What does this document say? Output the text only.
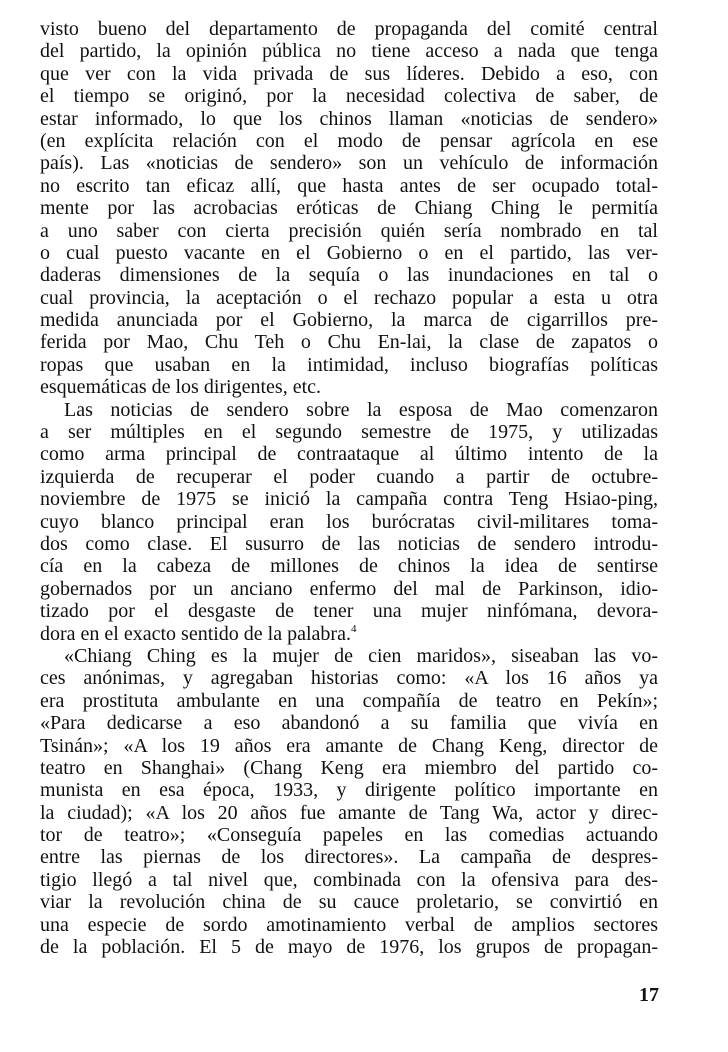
visto bueno del departamento de propaganda del comité central
del partido, la opinión pública no tiene acceso a nada que tenga
que ver con la vida privada de sus líderes. Debido a eso, con
el tiempo se originó, por la necesidad colectiva de saber, de
estar informado, lo que los chinos llaman «noticias de sendero»
(en explícita relación con el modo de pensar agrícola en ese
país). Las «noticias de sendero» son un vehículo de información
no escrito tan eficaz allí, que hasta antes de ser ocupado total-
mente por las acrobacias eróticas de Chiang Ching le permitía
a uno saber con cierta precisión quién sería nombrado en tal
o cual puesto vacante en el Gobierno o en el partido, las ver-
daderas dimensiones de la sequía o las inundaciones en tal o
cual provincia, la aceptación o el rechazo popular a esta u otra
medida anunciada por el Gobierno, la marca de cigarrillos pre-
ferida por Mao, Chu Teh o Chu En-lai, la clase de zapatos o
ropas que usaban en la intimidad, incluso biografías políticas
esquemáticas de los dirigentes, etc.
Las noticias de sendero sobre la esposa de Mao comenzaron
a ser múltiples en el segundo semestre de 1975, y utilizadas
como arma principal de contraataque al último intento de la
izquierda de recuperar el poder cuando a partir de octubre-
noviembre de 1975 se inició la campaña contra Teng Hsiao-ping,
cuyo blanco principal eran los burócratas civil-militares toma-
dos como clase. El susurro de las noticias de sendero introdu-
cía en la cabeza de millones de chinos la idea de sentirse
gobernados por un anciano enfermo del mal de Parkinson, idio-
tizado por el desgaste de tener una mujer ninfómana, devora-
dora en el exacto sentido de la palabra.$^4$
«Chiang Ching es la mujer de cien maridos», siseaban las vo-
ces anónimas, y agregaban historias como: «A los 16 años ya
era prostituta ambulante en una compañía de teatro en Pekín»;
«Para dedicarse a eso abandonó a su familia que vivía en
Tsinán»; «A los 19 años era amante de Chang Keng, director de
teatro en Shanghai» (Chang Keng era miembro del partido co-
munista en esa época, 1933, y dirigente político importante en
la ciudad); «A los 20 años fue amante de Tang Wa, actor y direc-
tor de teatro»; «Conseguía papeles en las comedias actuando
entre las piernas de los directores». La campaña de despres-
tigio llegó a tal nivel que, combinada con la ofensiva para des-
viar la revolución china de su cauce proletario, se convirtió en
una especie de sordo amotinamiento verbal de amplios sectores
de la población. El 5 de mayo de 1976, los grupos de propagan-
17
